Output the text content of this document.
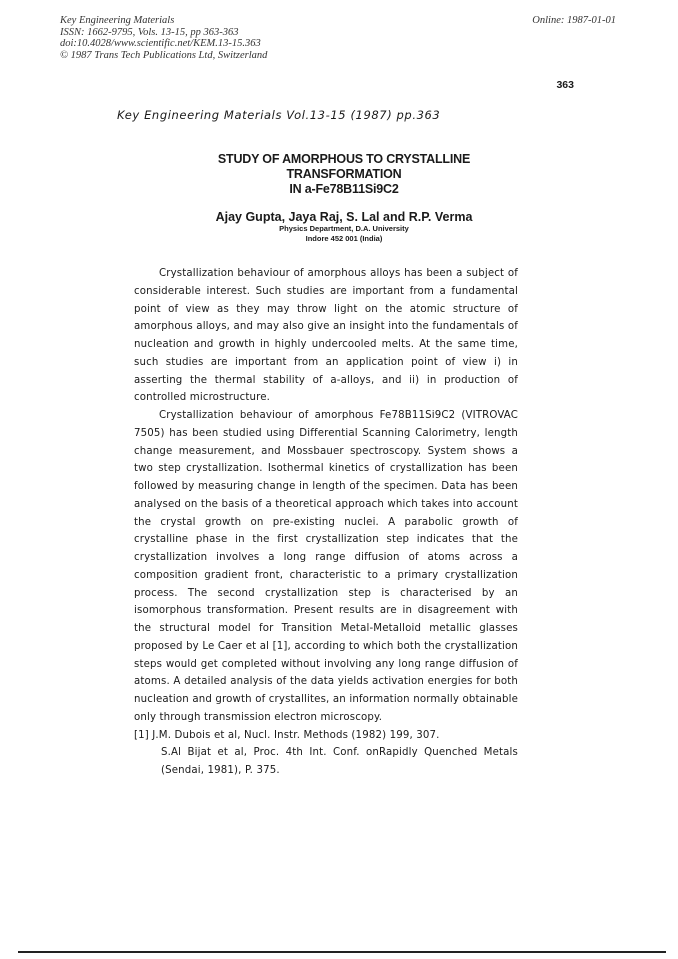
Key Engineering Materials
ISSN: 1662-9795, Vols. 13-15, pp 363-363
doi:10.4028/www.scientific.net/KEM.13-15.363
© 1987 Trans Tech Publications Ltd, Switzerland
Online: 1987-01-01
363
Key Engineering Materials Vol.13-15 (1987) pp.363
STUDY OF AMORPHOUS TO CRYSTALLINE
TRANSFORMATION
IN a-Fe78B11Si9C2
Ajay Gupta, Jaya Raj, S. Lal and R.P. Verma
Physics Department, D.A. University
Indore 452 001 (India)

Crystallization behaviour of amorphous alloys has been a subject of considerable interest. Such studies are important from a fundamental point of view as they may throw light on the atomic structure of amorphous alloys, and may also give an insight into the fundamentals of nucleation and growth in highly undercooled melts. At the same time, such studies are important from an application point of view i) in asserting the thermal stability of a-alloys, and ii) in production of controlled microstructure.

Crystallization behaviour of amorphous Fe78B11Si9C2 (VITROVAC 7505) has been studied using Differential Scanning Calorimetry, length change measurement, and Mossbauer spectroscopy. System shows a two step crystallization. Isothermal kinetics of crystallization has been followed by measuring change in length of the specimen. Data has been analysed on the basis of a theoretical approach which takes into account the crystal growth on pre-existing nuclei. A parabolic growth of crystalline phase in the first crystallization step indicates that the crystallization involves a long range diffusion of atoms across a composition gradient front, characteristic to a primary crystallization process. The second crystallization step is characterised by an isomorphous transformation. Present results are in disagreement with the structural model for Transition Metal-Metalloid metallic glasses proposed by Le Caer et al [1], according to which both the crystallization steps would get completed without involving any long range diffusion of atoms. A detailed analysis of the data yields activation energies for both nucleation and growth of crystallites, an information normally obtainable only through transmission electron microscopy.

[1] J.M. Dubois et al, Nucl. Instr. Methods (1982) 199, 307.

S.Al Bijat et al, Proc. 4th Int. Conf. onRapidly Quenched Metals (Sendai, 1981), P. 375.
